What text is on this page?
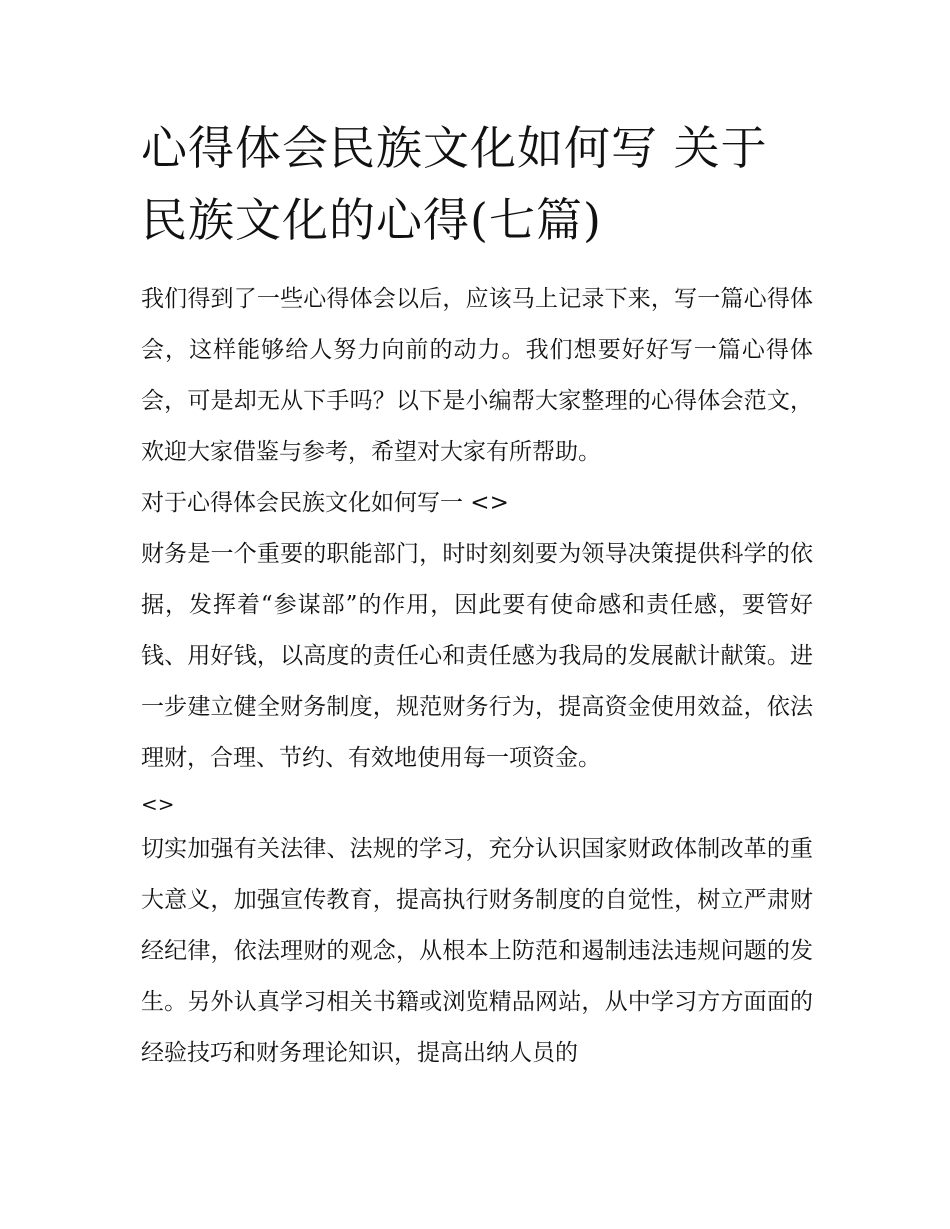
心得体会民族文化如何写 关于民族文化的心得(七篇)

我们得到了一些心得体会以后，应该马上记录下来，写一篇心得体会，这样能够给人努力向前的动力。我们想要好好写一篇心得体会，可是却无从下手吗？以下是小编帮大家整理的心得体会范文，欢迎大家借鉴与参考，希望对大家有所帮助。

对于心得体会民族文化如何写一 <>

财务是一个重要的职能部门，时时刻刻要为领导决策提供科学的依据，发挥着“参谋部”的作用，因此要有使命感和责任感，要管好钱、用好钱，以高度的责任心和责任感为我局的发展献计献策。进一步建立健全财务制度，规范财务行为，提高资金使用效益，依法理财，合理、节约、有效地使用每一项资金。

<>

切实加强有关法律、法规的学习，充分认识国家财政体制改革的重大意义，加强宣传教育，提高执行财务制度的自觉性，树立严肃财经纪律，依法理财的观念，从根本上防范和遏制违法违规问题的发生。另外认真学习相关书籍或浏览精品网站，从中学习方方面面的经验技巧和财务理论知识，提高出纳人员的
